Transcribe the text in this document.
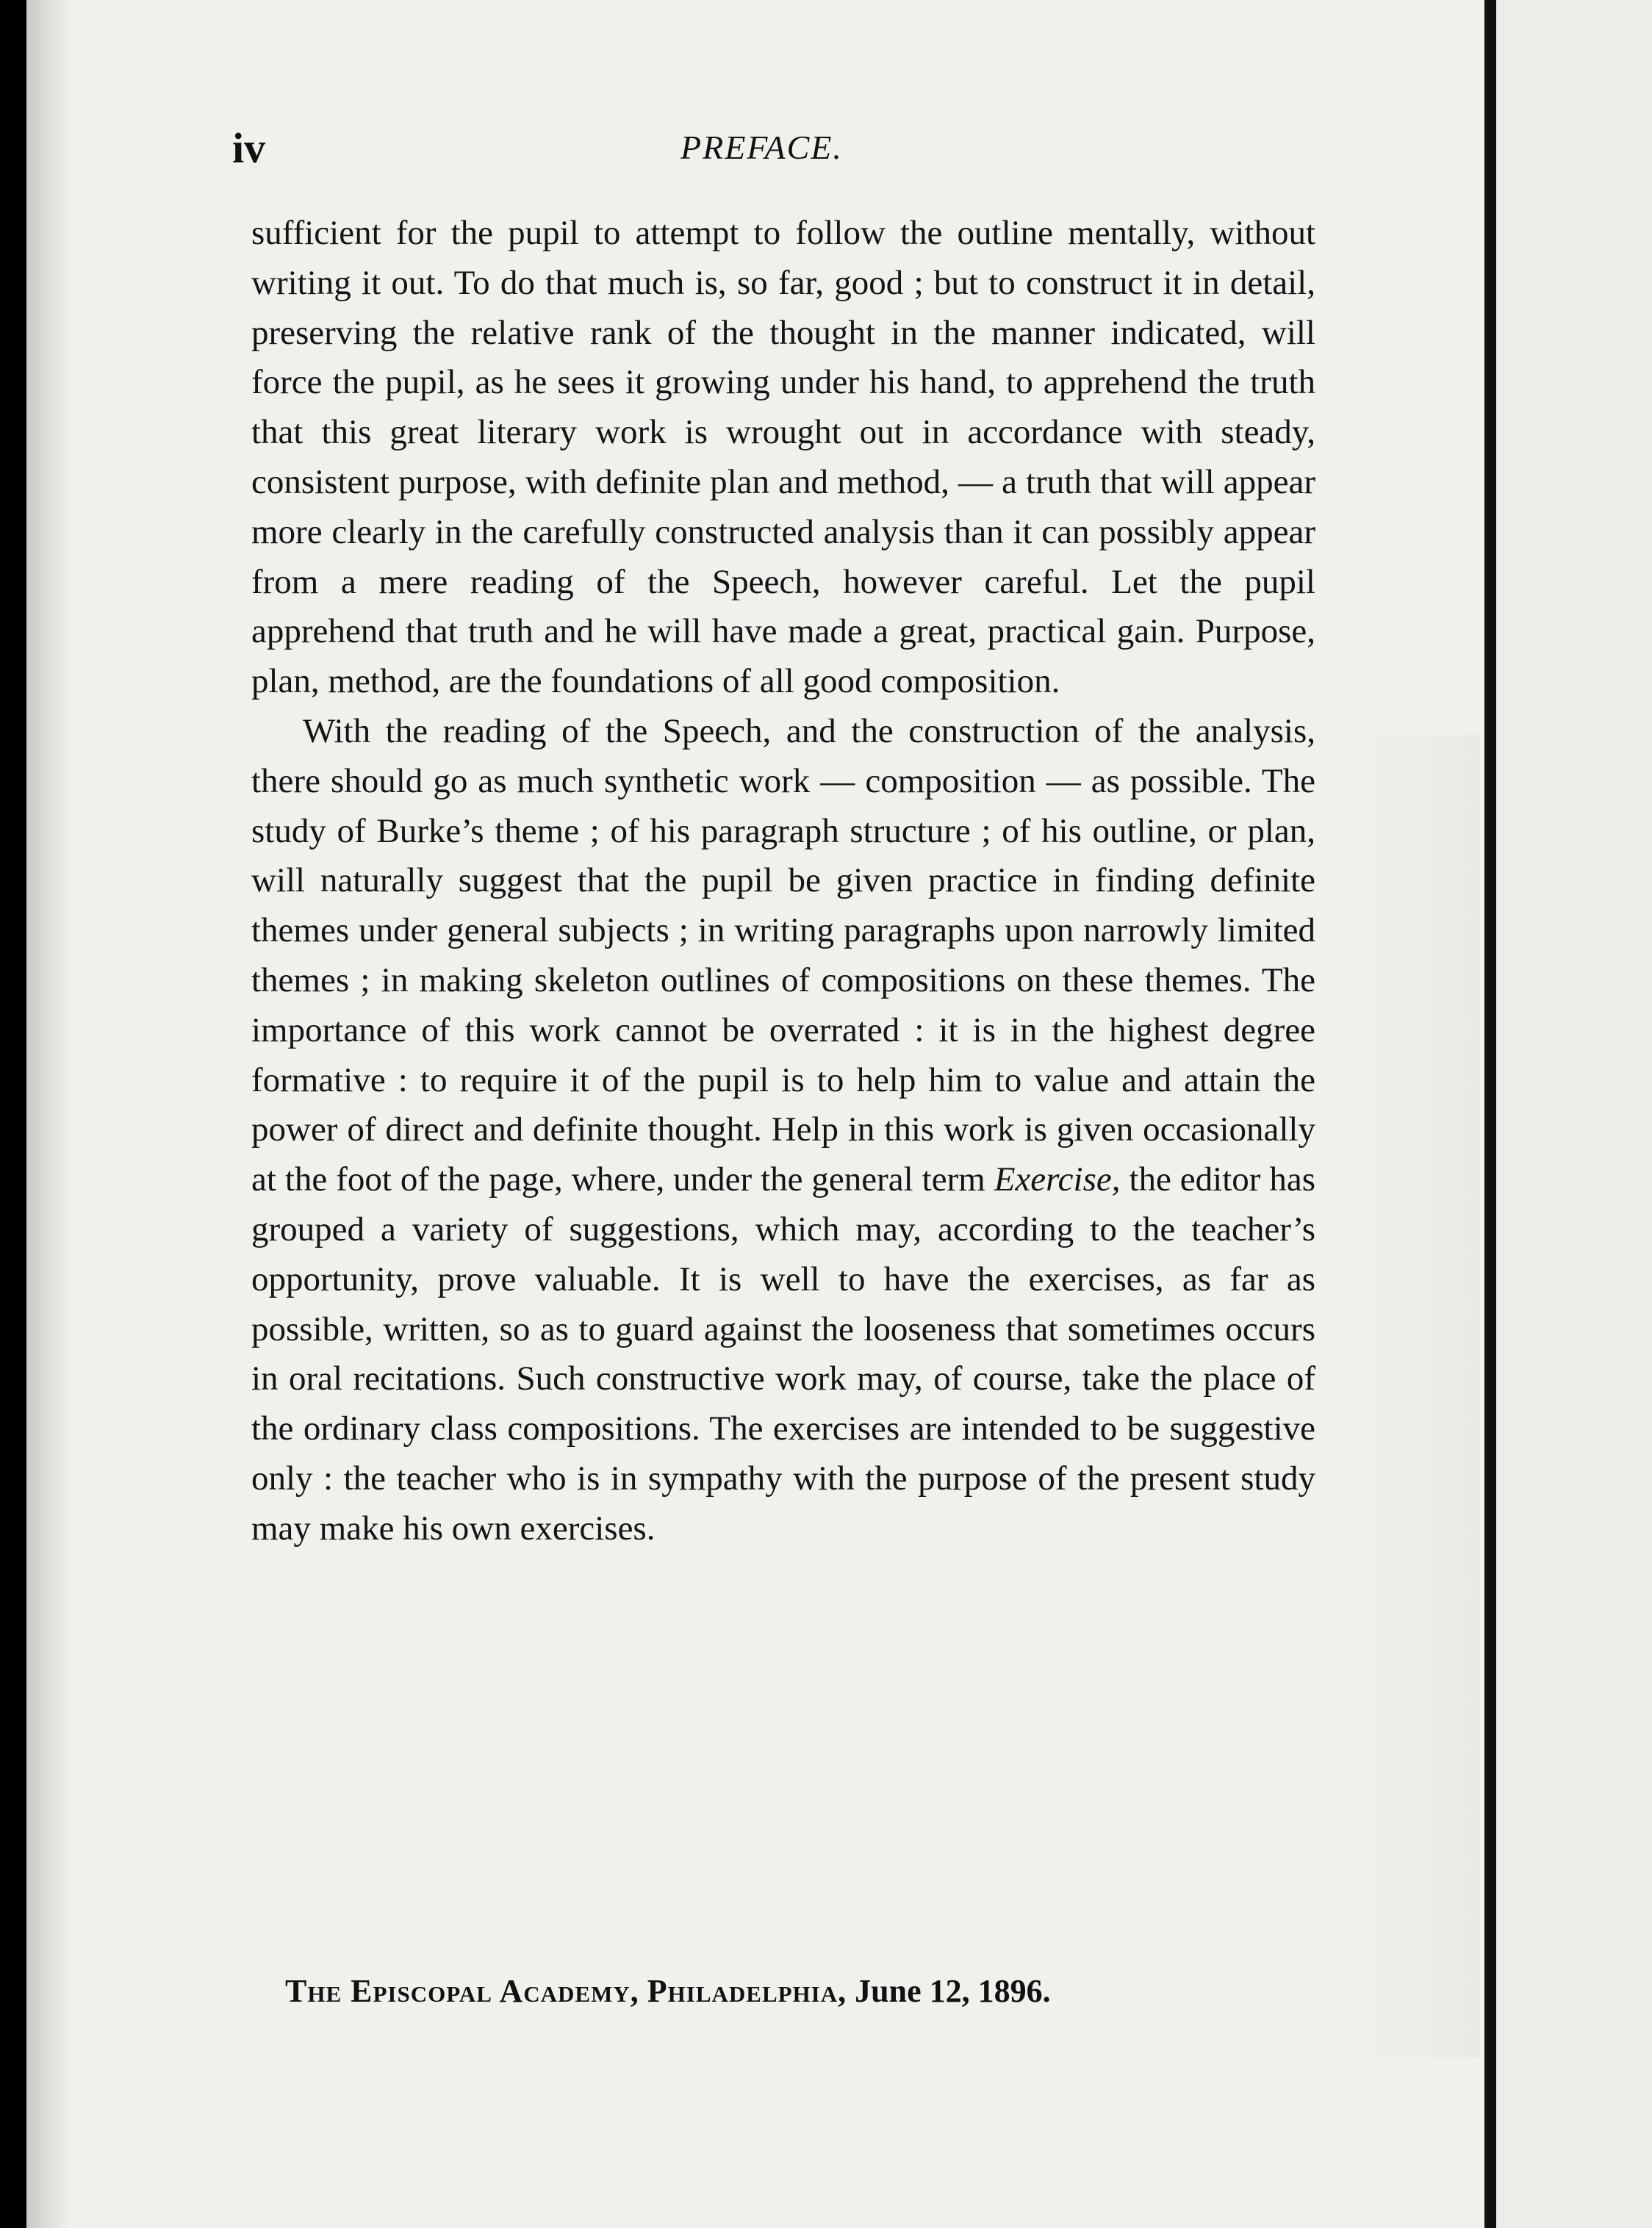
iv	PREFACE.

sufficient for the pupil to attempt to follow the outline mentally, without writing it out. To do that much is, so far, good ; but to construct it in detail, preserving the relative rank of the thought in the manner indicated, will force the pupil, as he sees it growing under his hand, to apprehend the truth that this great literary work is wrought out in accordance with steady, consistent purpose, with definite plan and method, — a truth that will appear more clearly in the carefully constructed analysis than it can possibly appear from a mere reading of the Speech, however careful. Let the pupil apprehend that truth and he will have made a great, practical gain. Purpose, plan, method, are the foundations of all good composition.

With the reading of the Speech, and the construction of the analysis, there should go as much synthetic work — composition — as possible. The study of Burke’s theme ; of his paragraph structure ; of his outline, or plan, will naturally suggest that the pupil be given practice in finding definite themes under general subjects ; in writing paragraphs upon narrowly limited themes ; in making skeleton outlines of compositions on these themes. The importance of this work cannot be overrated : it is in the highest degree formative : to require it of the pupil is to help him to value and attain the power of direct and definite thought. Help in this work is given occasionally at the foot of the page, where, under the general term Exercise, the editor has grouped a variety of suggestions, which may, according to the teacher’s opportunity, prove valuable. It is well to have the exercises, as far as possible, written, so as to guard against the looseness that sometimes occurs in oral recitations. Such constructive work may, of course, take the place of the ordinary class compositions. The exercises are intended to be suggestive only : the teacher who is in sympathy with the purpose of the present study may make his own exercises.

The Episcopal Academy, Philadelphia, June 12, 1896.
